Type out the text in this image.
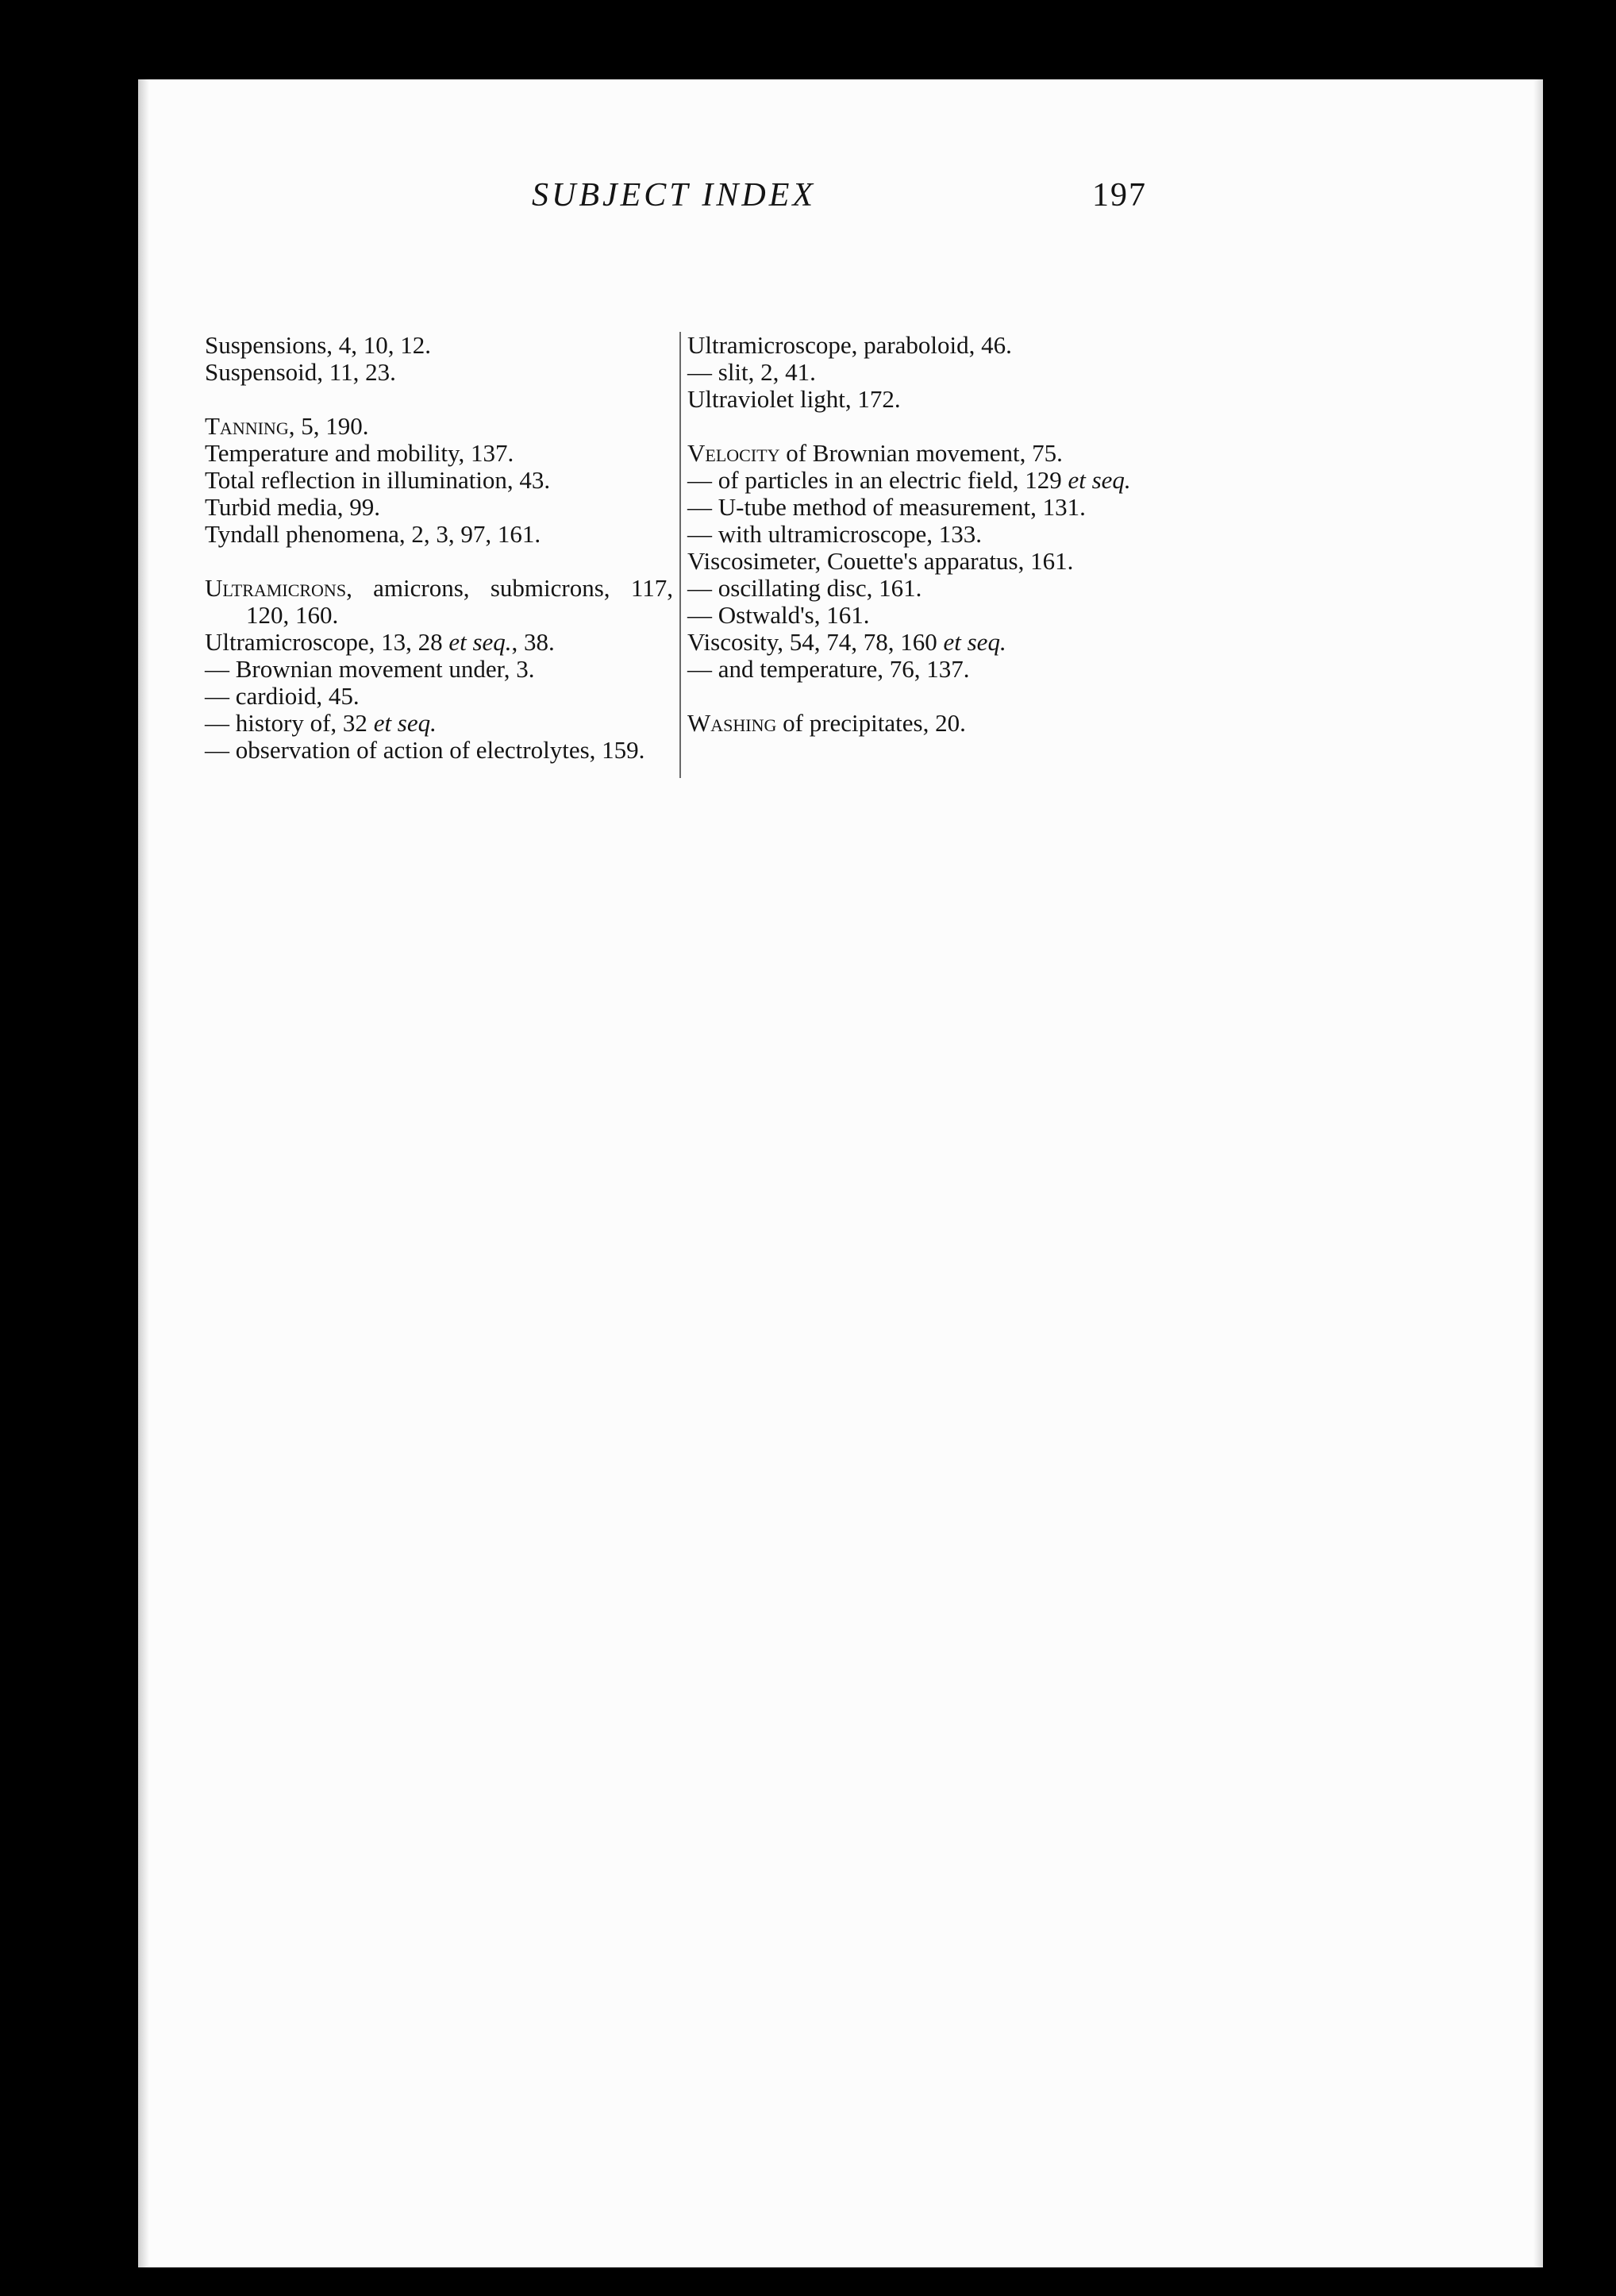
SUBJECT INDEX	197

Suspensions, 4, 10, 12.

Suspensoid, 11, 23.

Tanning, 5, 190.

Temperature and mobility, 137.

Total reflection in illumination, 43.

Turbid media, 99.

Tyndall phenomena, 2, 3, 97, 161.

Ultramicrons, amicrons, submicrons, 117, 120, 160.

Ultramicroscope, 13, 28 et seq., 38.

— Brownian movement under, 3.

— cardioid, 45.

— history of, 32 et seq.

— observation of action of electrolytes, 159.

Ultramicroscope, paraboloid, 46.

— slit, 2, 41.

Ultraviolet light, 172.

Velocity of Brownian movement, 75.

— of particles in an electric field, 129 et seq.

— U-tube method of measurement, 131.

— with ultramicroscope, 133.

Viscosimeter, Couette's apparatus, 161.

— oscillating disc, 161.

— Ostwald's, 161.

Viscosity, 54, 74, 78, 160 et seq.

— and temperature, 76, 137.

Washing of precipitates, 20.
